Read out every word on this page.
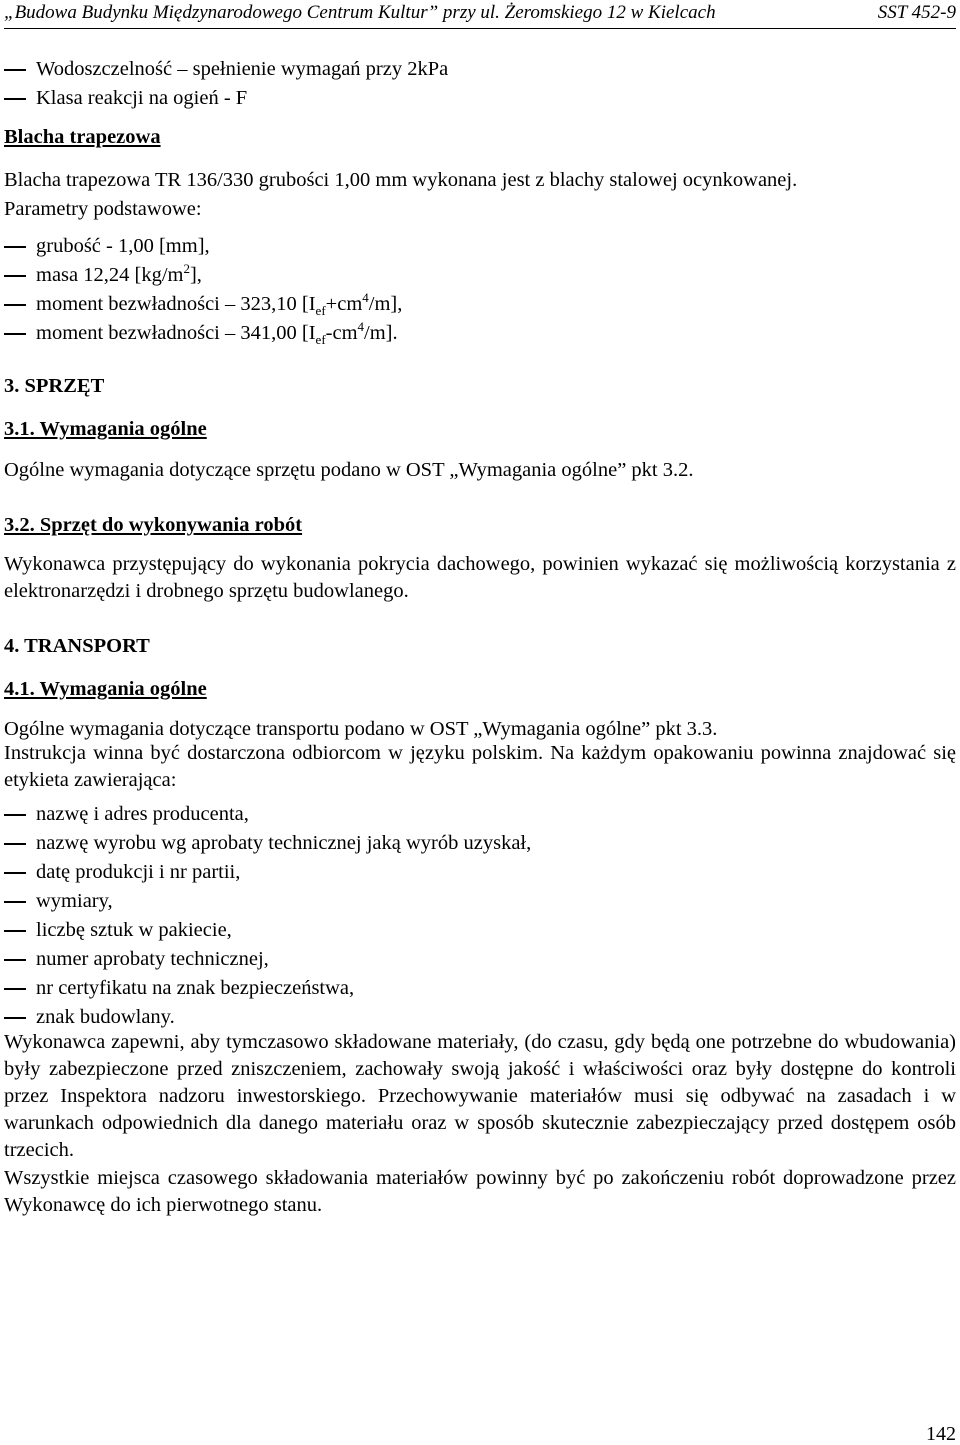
„Budowa Budynku Międzynarodowego Centrum Kultur” przy ul. Żeromskiego 12 w Kielcach	SST 452-9
Wodoszczelność – spełnienie wymagań przy 2kPa
Klasa reakcji na ogień - F
Blacha trapezowa
Blacha trapezowa TR 136/330 grubości 1,00 mm wykonana jest z blachy stalowej ocynkowanej.
Parametry podstawowe:
grubość - 1,00 [mm],
masa 12,24 $[kg/m^2]$,
moment bezwładności – 323,10 $[I_{ef}+cm^4/m]$,
moment bezwładności – 341,00 $[I_{ef}-cm^4/m]$.
3. SPRZĘT
3.1. Wymagania ogólne
Ogólne wymagania dotyczące sprzętu podano w OST „Wymagania ogólne” pkt 3.2.
3.2. Sprzęt do wykonywania robót
Wykonawca przystępujący do wykonania pokrycia dachowego, powinien wykazać się możliwością korzystania z elektronarzędzi i drobnego sprzętu budowlanego.
4. TRANSPORT
4.1. Wymagania ogólne
Ogólne wymagania dotyczące transportu podano w OST „Wymagania ogólne” pkt 3.3.
Instrukcja winna być dostarczona odbiorcom w języku polskim. Na każdym opakowaniu powinna znajdować się etykieta zawierająca:
nazwę i adres producenta,
nazwę wyrobu wg aprobaty technicznej jaką wyrób uzyskał,
datę produkcji i nr partii,
wymiary,
liczbę sztuk w pakiecie,
numer aprobaty technicznej,
nr certyfikatu na znak bezpieczeństwa,
znak budowlany.
Wykonawca zapewni, aby tymczasowo składowane materiały, (do czasu, gdy będą one potrzebne do wbudowania) były zabezpieczone przed zniszczeniem, zachowały swoją jakość i właściwości oraz były dostępne do kontroli przez Inspektora nadzoru inwestorskiego. Przechowywanie materiałów musi się odbywać na zasadach i w warunkach odpowiednich dla danego materiału oraz w sposób skutecznie zabezpieczający przed dostępem osób trzecich.
Wszystkie miejsca czasowego składowania materiałów powinny być po zakończeniu robót doprowadzone przez Wykonawcę do ich pierwotnego stanu.
142
